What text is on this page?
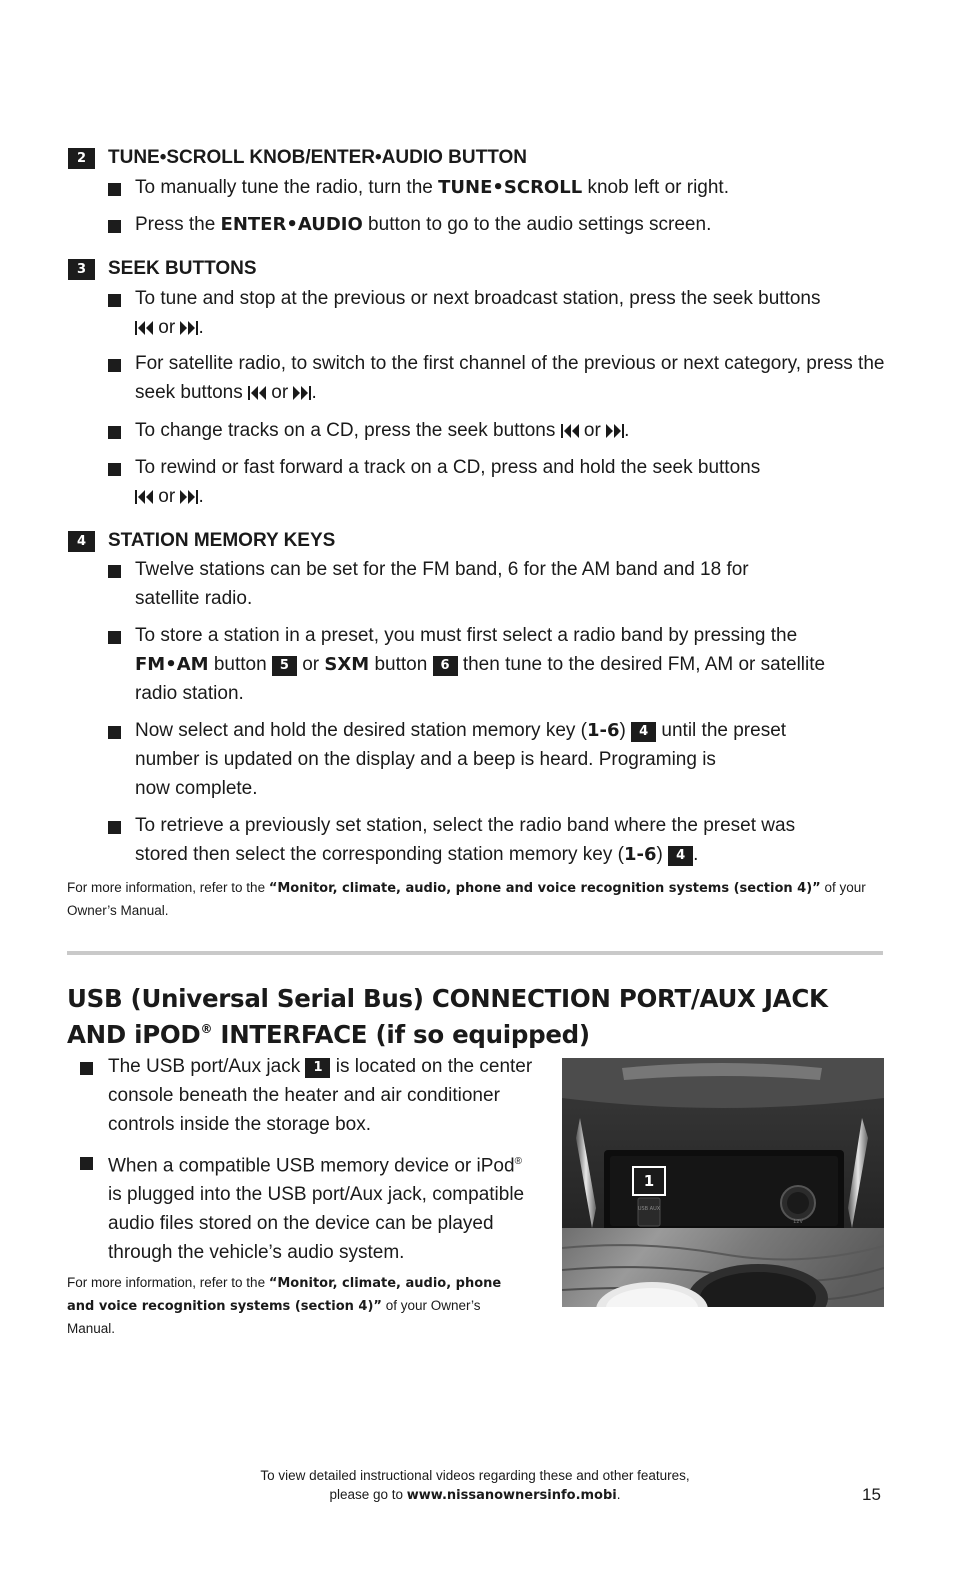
2 TUNE•SCROLL KNOB/ENTER•AUDIO BUTTON
To manually tune the radio, turn the TUNE•SCROLL knob left or right.
Press the ENTER•AUDIO button to go to the audio settings screen.
3 SEEK BUTTONS
To tune and stop at the previous or next broadcast station, press the seek buttons
or .
For satellite radio, to switch to the first channel of the previous or next category, press the seek buttons  or .
To change tracks on a CD, press the seek buttons  or .
To rewind or fast forward a track on a CD, press and hold the seek buttons
or .
4 STATION MEMORY KEYS
Twelve stations can be set for the FM band, 6 for the AM band and 18 for satellite radio.
To store a station in a preset, you must first select a radio band by pressing the FM•AM button 5 or SXM button 6 then tune to the desired FM, AM or satellite radio station.
Now select and hold the desired station memory key (1-6) 4 until the preset number is updated on the display and a beep is heard. Programing is
now complete.
To retrieve a previously set station, select the radio band where the preset was stored then select the corresponding station memory key (1-6) 4 .
For more information, refer to the “Monitor, climate, audio, phone and voice recognition systems (section 4)” of your Owner’s Manual.
USB (Universal Serial Bus) CONNECTION PORT/AUX JACK
AND iPOD® INTERFACE (if so equipped)
The USB port/Aux jack 1 is located on the center console beneath the heater and air conditioner controls inside the storage box.
When a compatible USB memory device or iPod® is plugged into the USB port/Aux jack, compatible audio files stored on the device can be played through the vehicle’s audio system.
For more information, refer to the “Monitor, climate, audio, phone and voice recognition systems (section 4)” of your Owner’s Manual.
USB AUX
12V
1
To view detailed instructional videos regarding these and other features,
please go to www.nissanownersinfo.mobi.	15
